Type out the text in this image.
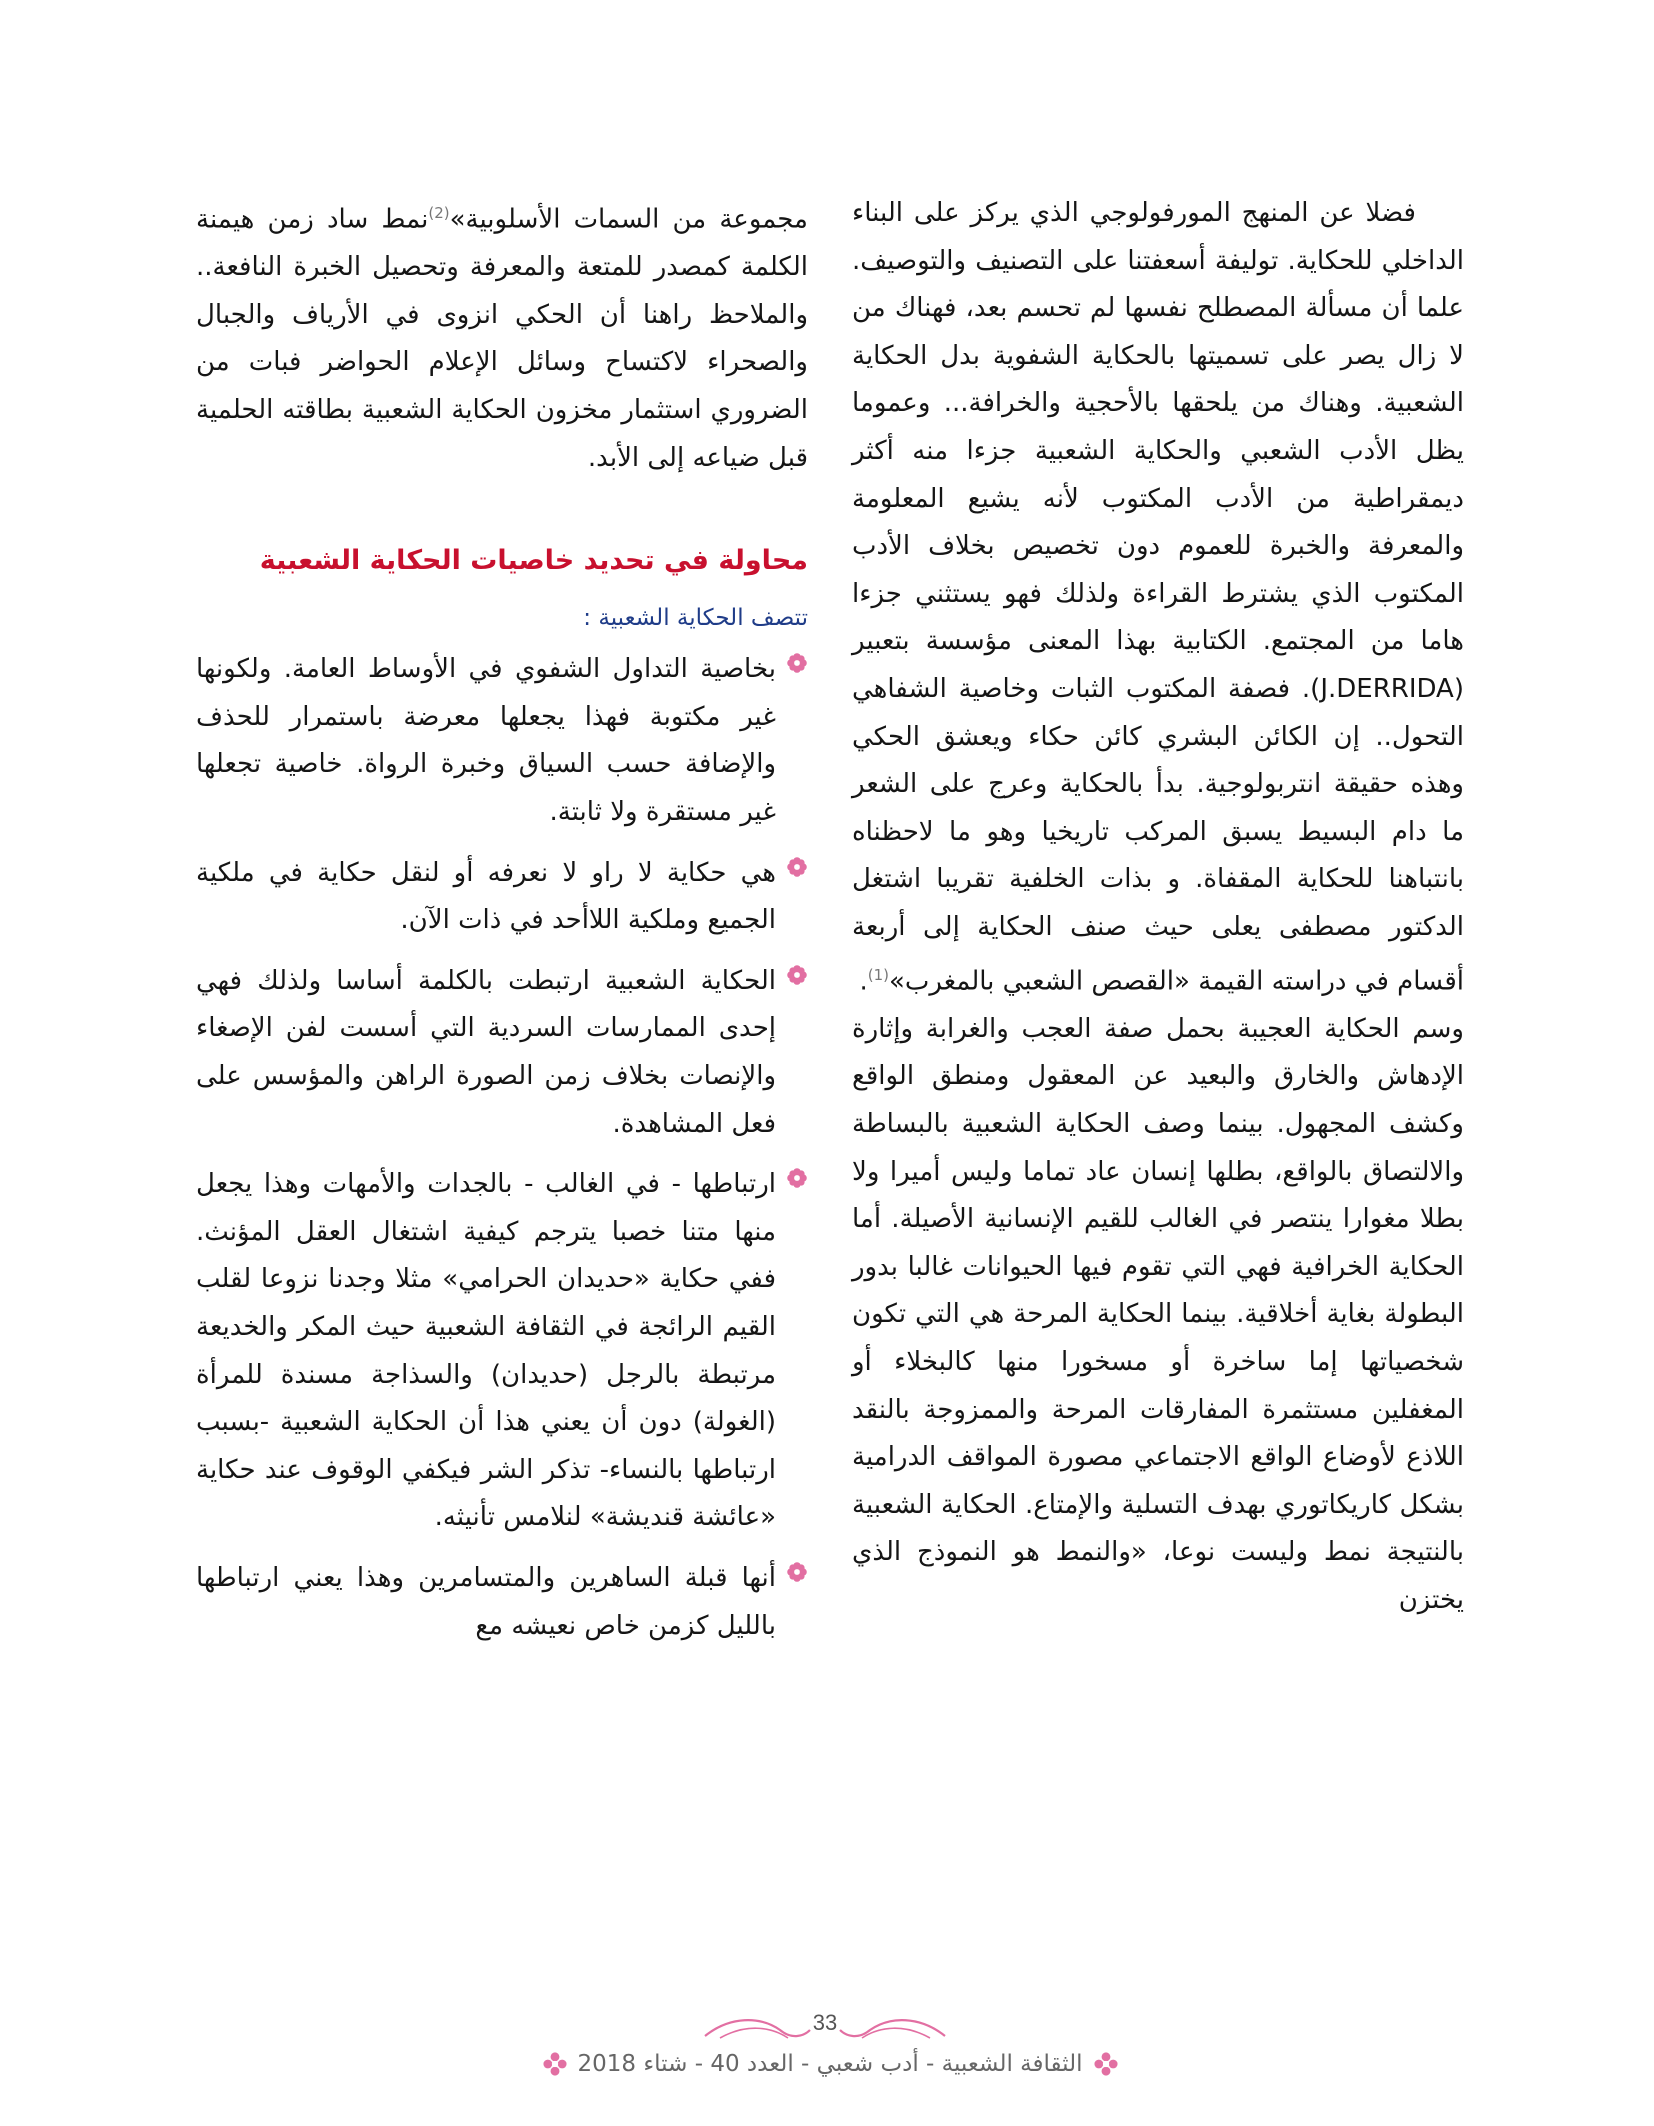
فضلا عن المنهج المورفولوجي الذي يركز على البناء الداخلي للحكاية. توليفة أسعفتنا على التصنيف والتوصيف. علما أن مسألة المصطلح نفسها لم تحسم بعد، فهناك من لا زال يصر على تسميتها بالحكاية الشفوية بدل الحكاية الشعبية. وهناك من يلحقها بالأحجية والخرافة... وعموما يظل الأدب الشعبي والحكاية الشعبية جزءا منه أكثر ديمقراطية من الأدب المكتوب لأنه يشيع المعلومة والمعرفة والخبرة للعموم دون تخصيص بخلاف الأدب المكتوب الذي يشترط القراءة ولذلك فهو يستثني جزءا هاما من المجتمع. الكتابية بهذا المعنى مؤسسة بتعبير (J.DERRIDA). فصفة المكتوب الثبات وخاصية الشفاهي التحول.. إن الكائن البشري كائن حكاء ويعشق الحكي وهذه حقيقة انتربولوجية. بدأ بالحكاية وعرج على الشعر ما دام البسيط يسبق المركب تاريخيا وهو ما لاحظناه بانتباهنا للحكاية المقفاة. و بذات الخلفية تقريبا اشتغل الدكتور مصطفى يعلى حيث صنف الحكاية إلى أربعة أقسام في دراسته القيمة «القصص الشعبي بالمغرب»$^{(1)}$.

وسم الحكاية العجيبة بحمل صفة العجب والغرابة وإثارة الإدهاش والخارق والبعيد عن المعقول ومنطق الواقع وكشف المجهول. بينما وصف الحكاية الشعبية بالبساطة والالتصاق بالواقع، بطلها إنسان عاد تماما وليس أميرا ولا بطلا مغوارا ينتصر في الغالب للقيم الإنسانية الأصيلة. أما الحكاية الخرافية فهي التي تقوم فيها الحيوانات غالبا بدور البطولة بغاية أخلاقية. بينما الحكاية المرحة هي التي تكون شخصياتها إما ساخرة أو مسخورا منها كالبخلاء أو المغفلين مستثمرة المفارقات المرحة والممزوجة بالنقد اللاذع لأوضاع الواقع الاجتماعي مصورة المواقف الدرامية بشكل كاريكاتوري بهدف التسلية والإمتاع. الحكاية الشعبية بالنتيجة نمط وليست نوعا، «والنمط هو النموذج الذي يختزن

مجموعة من السمات الأسلوبية»$^{(2)}$نمط ساد زمن هيمنة الكلمة كمصدر للمتعة والمعرفة وتحصيل الخبرة النافعة.. والملاحظ راهنا أن الحكي انزوى في الأرياف والجبال والصحراء لاكتساح وسائل الإعلام الحواضر فبات من الضروري استثمار مخزون الحكاية الشعبية بطاقته الحلمية قبل ضياعه إلى الأبد.

محاولة في تحديد خاصيات الحكاية الشعبية
تتصف الحكاية الشعبية :
بخاصية التداول الشفوي في الأوساط العامة. ولكونها غير مكتوبة فهذا يجعلها معرضة باستمرار للحذف والإضافة حسب السياق وخبرة الرواة. خاصية تجعلها غير مستقرة ولا ثابتة.
هي حكاية لا راو لا نعرفه أو لنقل حكاية في ملكية الجميع وملكية اللاأحد في ذات الآن.
الحكاية الشعبية ارتبطت بالكلمة أساسا ولذلك فهي إحدى الممارسات السردية التي أسست لفن الإصغاء والإنصات بخلاف زمن الصورة الراهن والمؤسس على فعل المشاهدة.
ارتباطها - في الغالب - بالجدات والأمهات وهذا يجعل منها متنا خصبا يترجم كيفية اشتغال العقل المؤنث. ففي حكاية «حديدان الحرامي» مثلا وجدنا نزوعا لقلب القيم الرائجة في الثقافة الشعبية حيث المكر والخديعة مرتبطة بالرجل (حديدان) والسذاجة مسندة للمرأة (الغولة) دون أن يعني هذا أن الحكاية الشعبية -بسبب ارتباطها بالنساء- تذكر الشر فيكفي الوقوف عند حكاية «عائشة قنديشة» لنلامس تأنيثه.
أنها قبلة الساهرين والمتسامرين وهذا يعني ارتباطها بالليل كزمن خاص نعيشه مع
33
الثقافة الشعبية - أدب شعبي - العدد 40 - شتاء 2018
